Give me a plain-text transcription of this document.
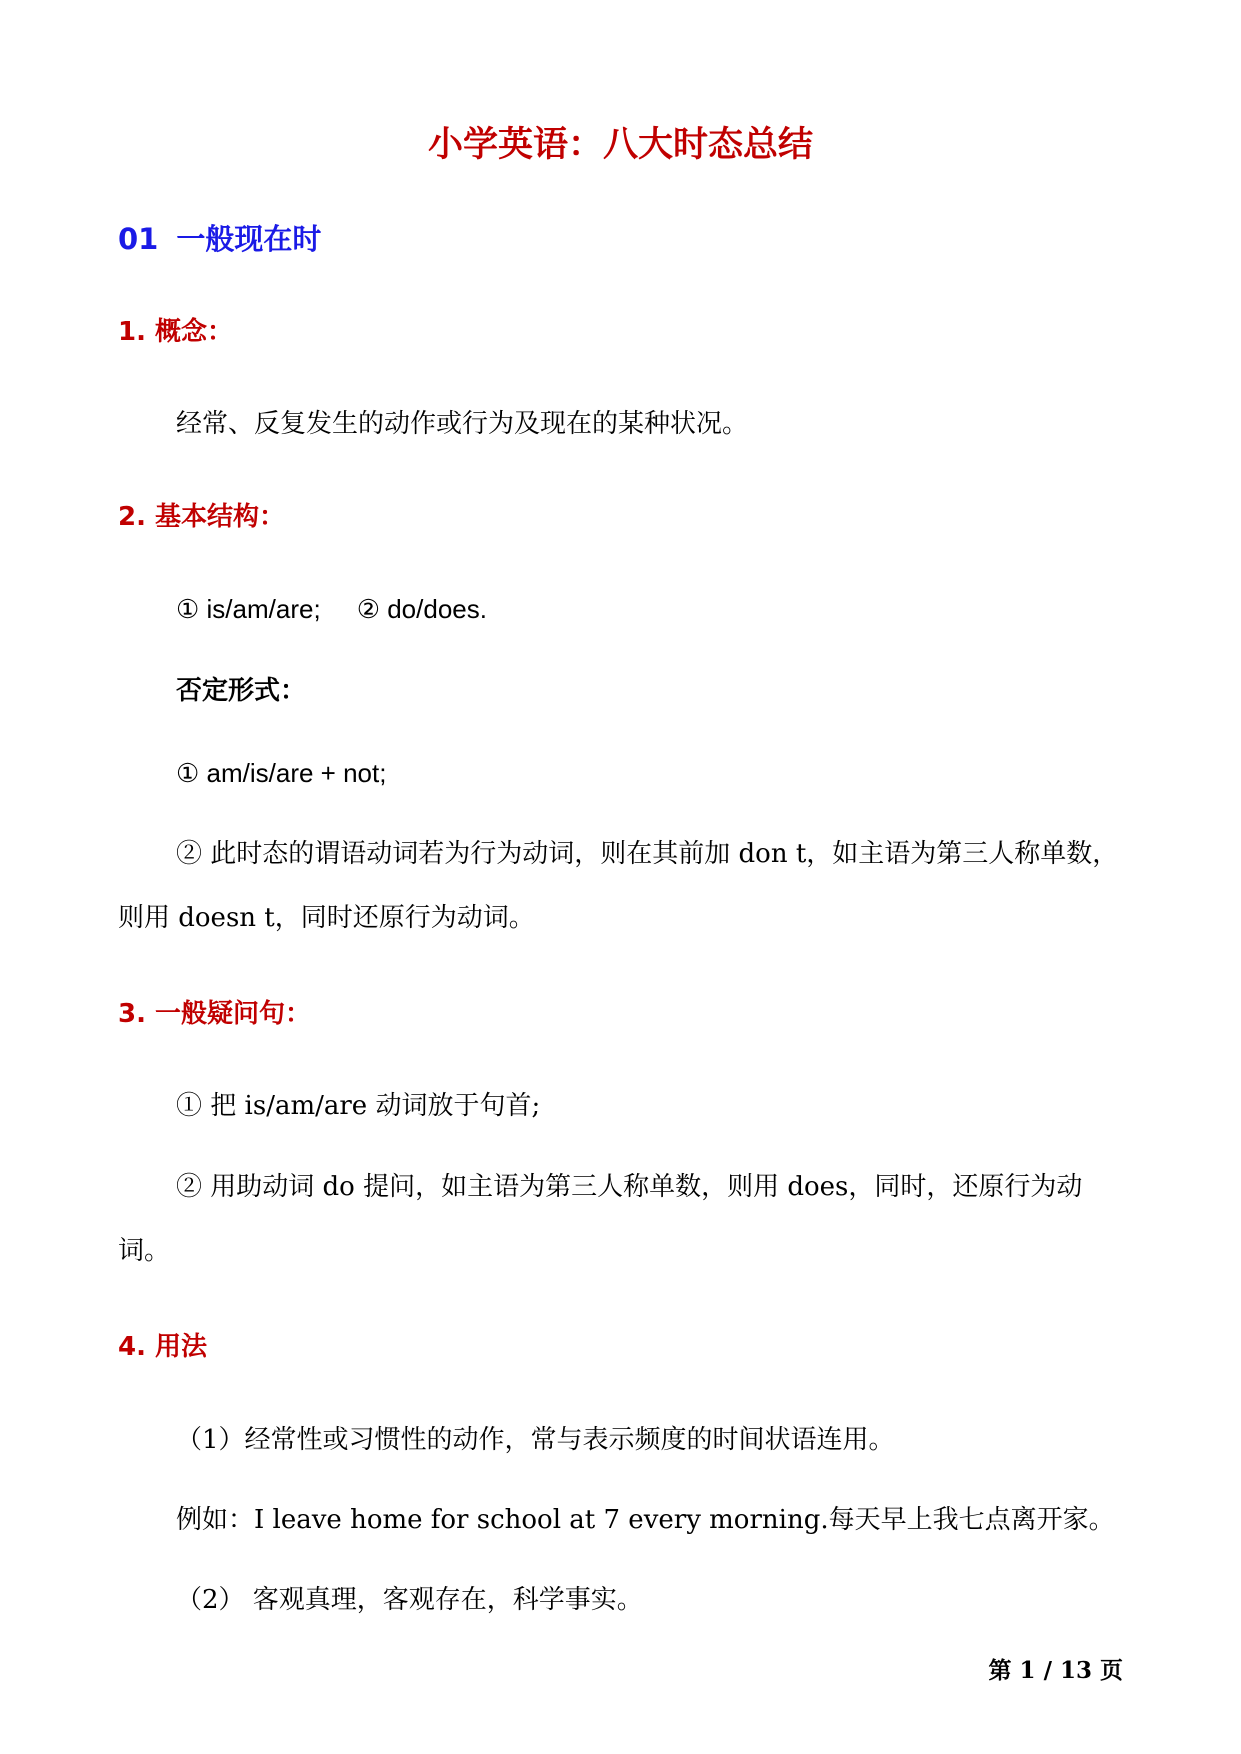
小学英语：八大时态总结
01 一般现在时
1. 概念：
经常、反复发生的动作或行为及现在的某种状况。
2. 基本结构：
① is/am/are; ② do/does.
否定形式：
① am/is/are + not;
② 此时态的谓语动词若为行为动词，则在其前加 don t，如主语为第三人称单数，则用 doesn t，同时还原行为动词。
3. 一般疑问句：
① 把 is/am/are 动词放于句首;
② 用助动词 do 提问，如主语为第三人称单数，则用 does，同时，还原行为动词。
4. 用法
（1）经常性或习惯性的动作，常与表示频度的时间状语连用。
例如：I leave home for school at 7 every morning.每天早上我七点离开家。
（2） 客观真理，客观存在，科学事实。
第 1 / 13 页
